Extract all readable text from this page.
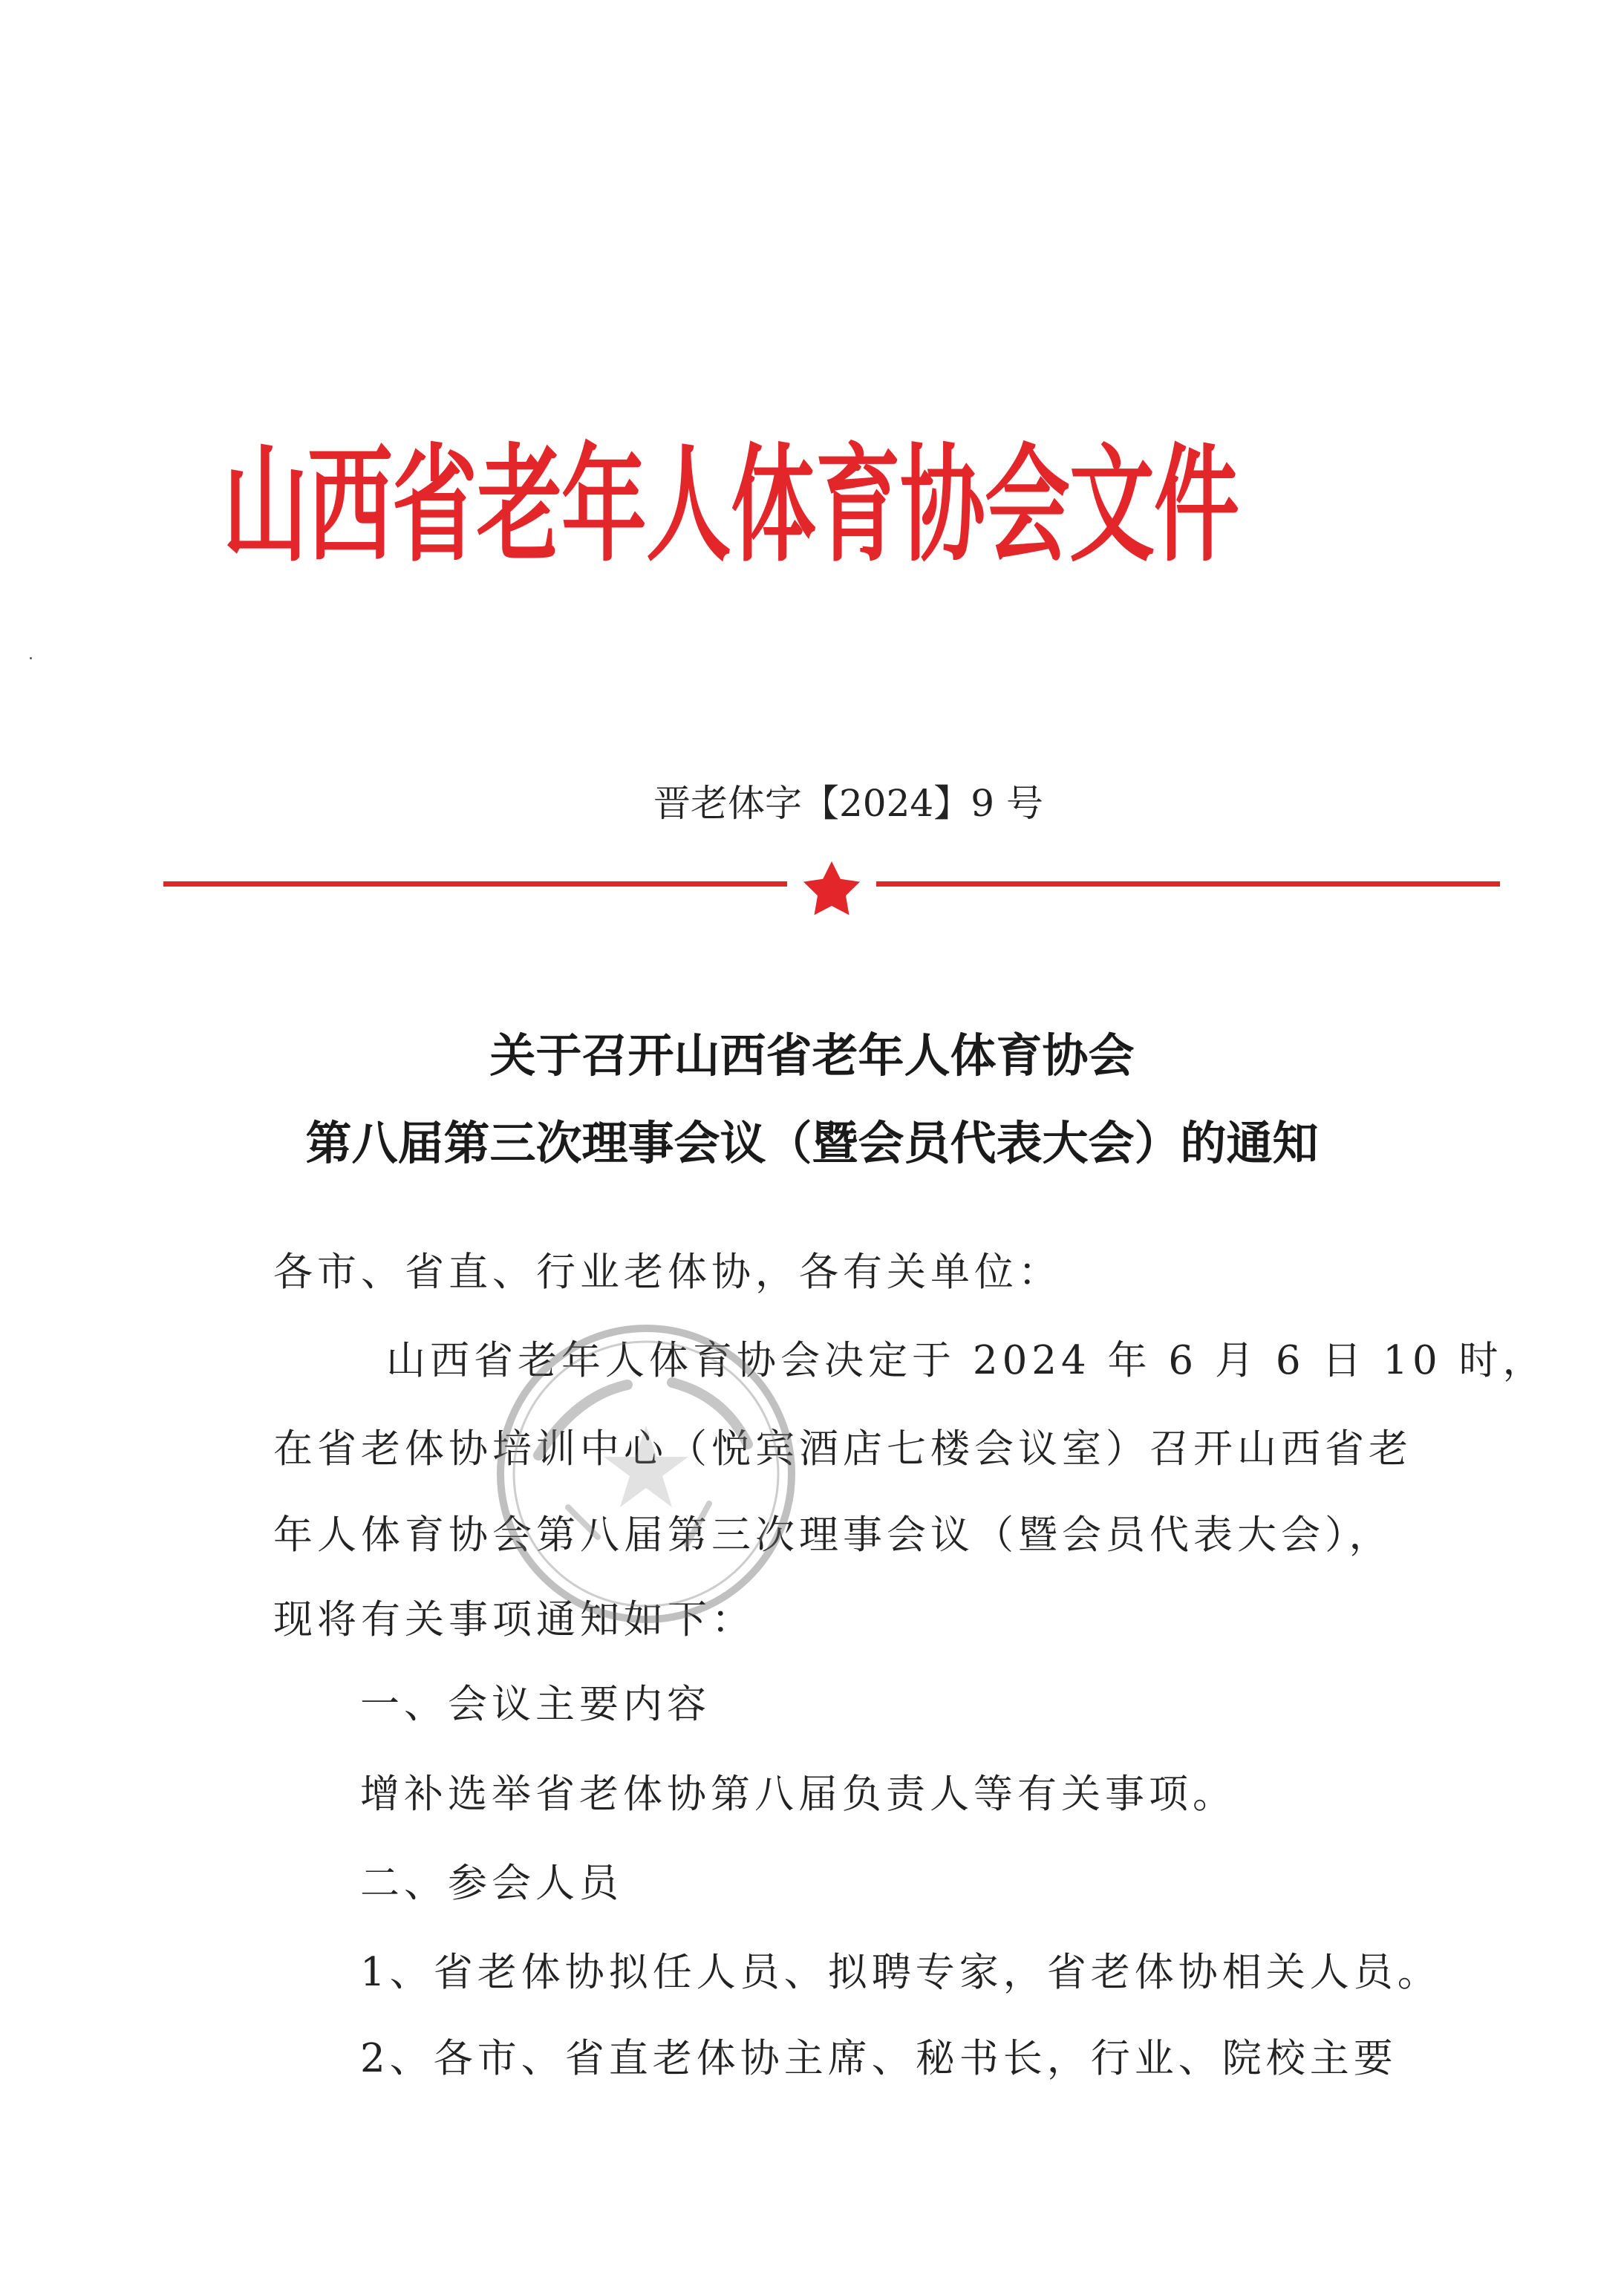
山西省老年人体育协会文件
晋老体字【2024】9 号
关于召开山西省老年人体育协会
第八届第三次理事会议（暨会员代表大会）的通知
各市、省直、行业老体协，各有关单位：
山西省老年人体育协会决定于 2024 年 6 月 6 日 10 时，
在省老体协培训中心（悦宾酒店七楼会议室）召开山西省老
年人体育协会第八届第三次理事会议（暨会员代表大会），
现将有关事项通知如下：
一、会议主要内容
增补选举省老体协第八届负责人等有关事项。
二、参会人员
1、省老体协拟任人员、拟聘专家，省老体协相关人员。
2、各市、省直老体协主席、秘书长，行业、院校主要
